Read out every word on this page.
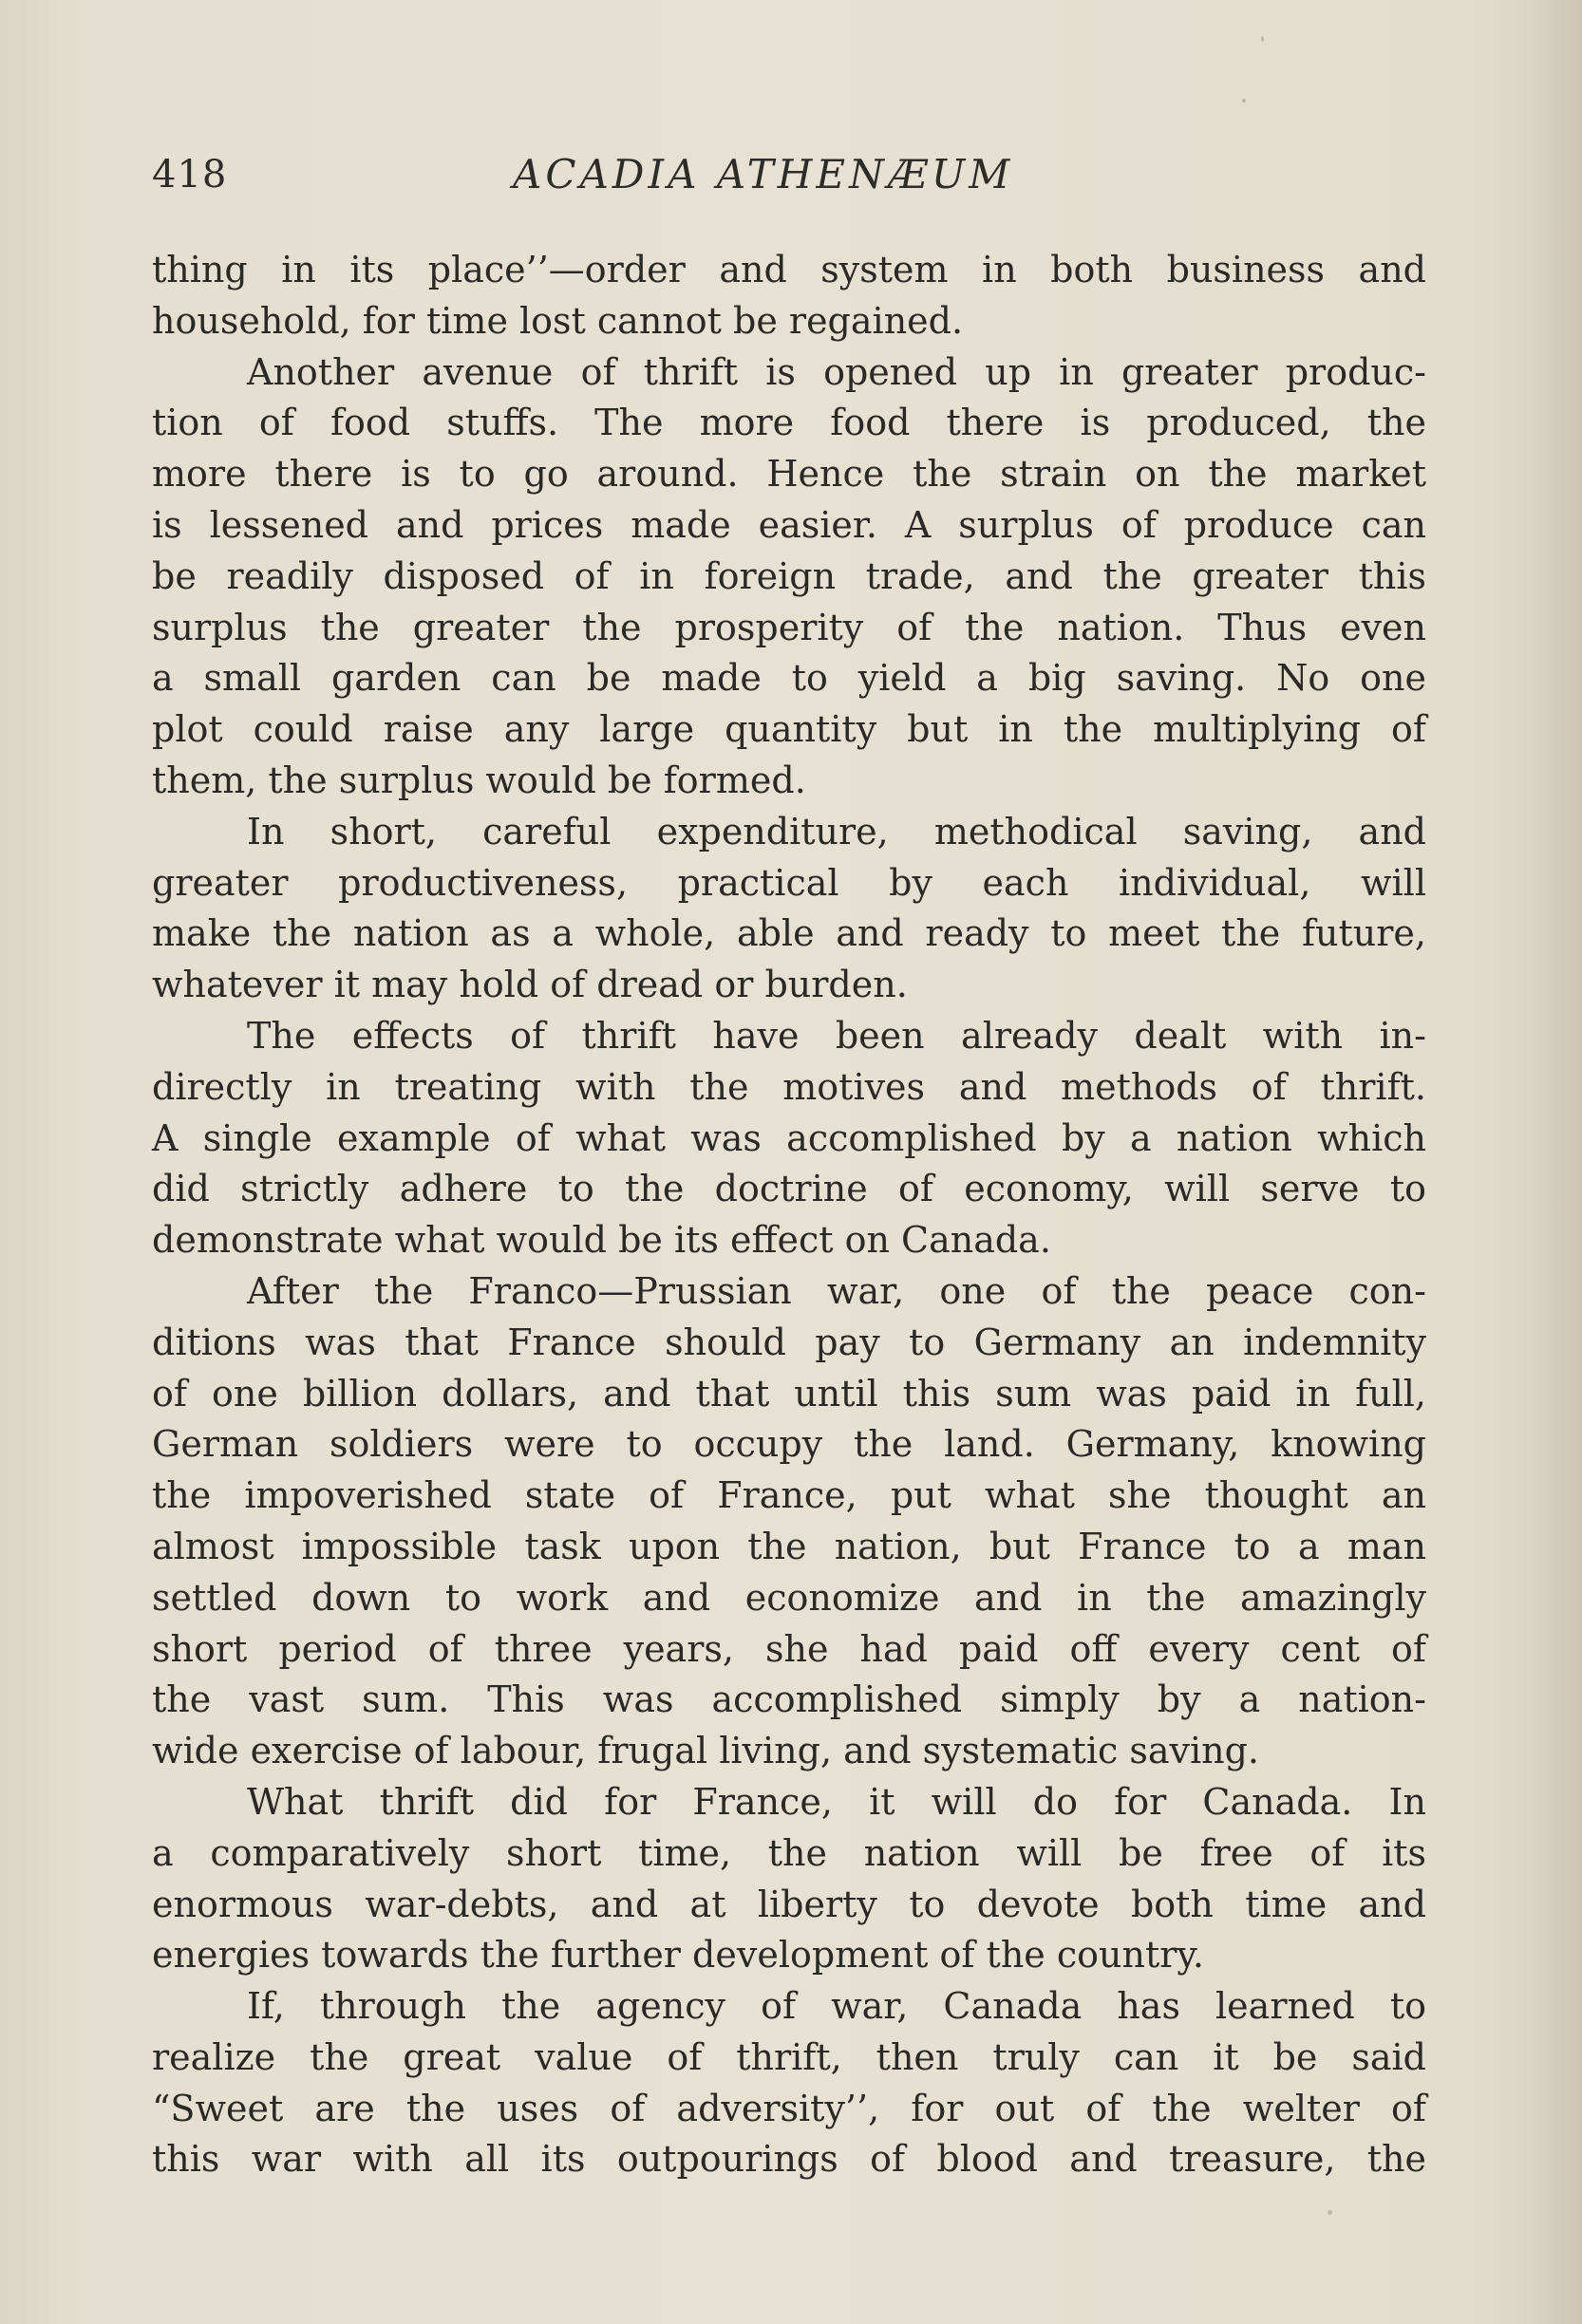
418	ACADIA ATHENÆUM
thing in its place’’—order and system in both business and
household, for time lost cannot be regained.
Another avenue of thrift is opened up in greater produc-
tion of food stuffs. The more food there is produced, the
more there is to go around. Hence the strain on the market
is lessened and prices made easier. A surplus of produce can
be readily disposed of in foreign trade, and the greater this
surplus the greater the prosperity of the nation. Thus even
a small garden can be made to yield a big saving. No one
plot could raise any large quantity but in the multiplying of
them, the surplus would be formed.
In short, careful expenditure, methodical saving, and
greater productiveness, practical by each individual, will
make the nation as a whole, able and ready to meet the future,
whatever it may hold of dread or burden.
The effects of thrift have been already dealt with in-
directly in treating with the motives and methods of thrift.
A single example of what was accomplished by a nation which
did strictly adhere to the doctrine of economy, will serve to
demonstrate what would be its effect on Canada.
After the Franco—Prussian war, one of the peace con-
ditions was that France should pay to Germany an indemnity
of one billion dollars, and that until this sum was paid in full,
German soldiers were to occupy the land. Germany, knowing
the impoverished state of France, put what she thought an
almost impossible task upon the nation, but France to a man
settled down to work and economize and in the amazingly
short period of three years, she had paid off every cent of
the vast sum. This was accomplished simply by a nation-
wide exercise of labour, frugal living, and systematic saving.
What thrift did for France, it will do for Canada. In
a comparatively short time, the nation will be free of its
enormous war-debts, and at liberty to devote both time and
energies towards the further development of the country.
If, through the agency of war, Canada has learned to
realize the great value of thrift, then truly can it be said
“Sweet are the uses of adversity’’, for out of the welter of
this war with all its outpourings of blood and treasure, the
